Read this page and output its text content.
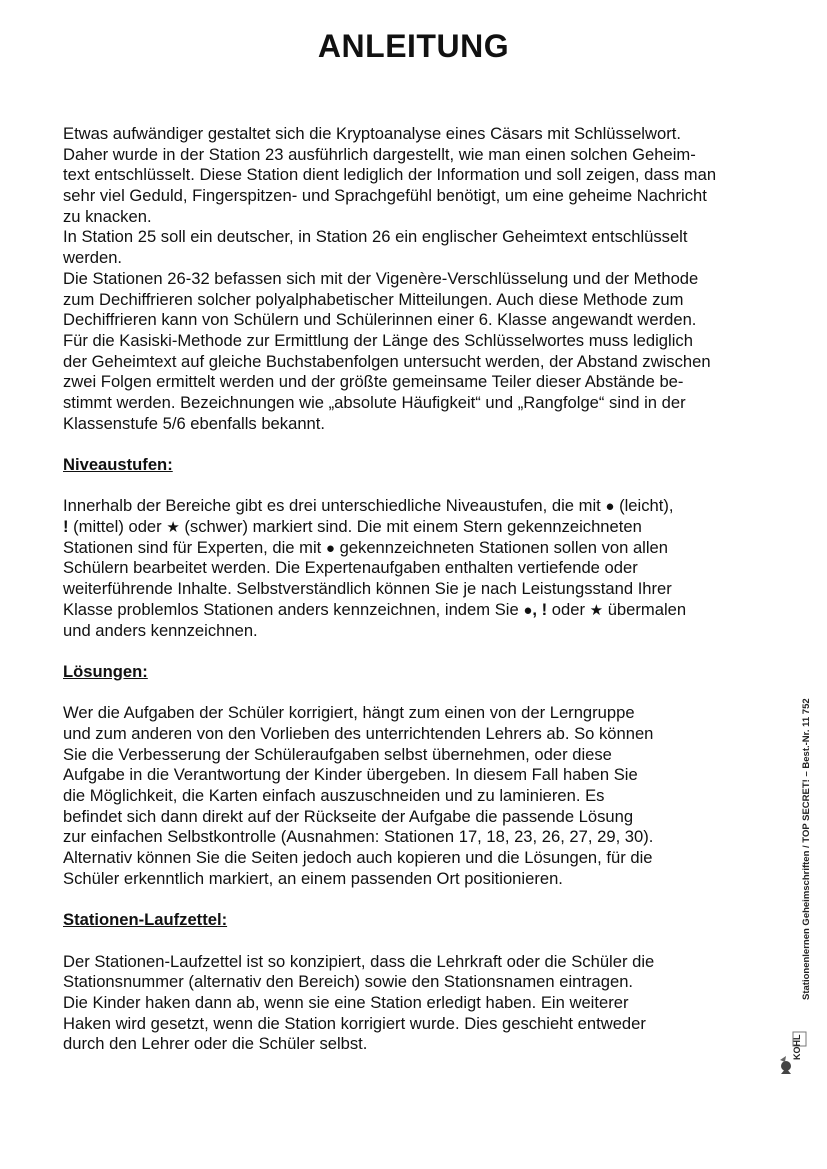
ANLEITUNG
Etwas aufwändiger gestaltet sich die Kryptoanalyse eines Cäsars mit Schlüsselwort.
Daher wurde in der Station 23 ausführlich dargestellt, wie man einen solchen Geheim-
text entschlüsselt. Diese Station dient lediglich der Information und soll zeigen, dass man
sehr viel Geduld, Fingerspitzen- und Sprachgefühl benötigt, um eine geheime Nachricht
zu knacken.
In Station 25 soll ein deutscher, in Station 26 ein englischer Geheimtext entschlüsselt
werden.
Die Stationen 26-32 befassen sich mit der Vigenère-Verschlüsselung und der Methode
zum Dechiffrieren solcher polyalphabetischer Mitteilungen. Auch diese Methode zum
Dechiffrieren kann von Schülern und Schülerinnen einer 6. Klasse angewandt werden.
Für die Kasiski-Methode zur Ermittlung der Länge des Schlüsselwortes muss lediglich
der Geheimtext auf gleiche Buchstabenfolgen untersucht werden, der Abstand zwischen
zwei Folgen ermittelt werden und der größte gemeinsame Teiler dieser Abstände be-
stimmt werden. Bezeichnungen wie „absolute Häufigkeit“ und „Rangfolge“ sind in der
Klassenstufe 5/6 ebenfalls bekannt.
Niveaustufen:
Innerhalb der Bereiche gibt es drei unterschiedliche Niveaustufen, die mit ● (leicht),
! (mittel) oder ★ (schwer) markiert sind. Die mit einem Stern gekennzeichneten
Stationen sind für Experten, die mit ● gekennzeichneten Stationen sollen von allen
Schülern bearbeitet werden. Die Expertenaufgaben enthalten vertiefende oder
weiterführende Inhalte. Selbstverständlich können Sie je nach Leistungsstand Ihrer
Klasse problemlos Stationen anders kennzeichnen, indem Sie ●, ! oder ★ übermalen
und anders kennzeichnen.
Lösungen:
Wer die Aufgaben der Schüler korrigiert, hängt zum einen von der Lerngruppe
und zum anderen von den Vorlieben des unterrichtenden Lehrers ab. So können
Sie die Verbesserung der Schüleraufgaben selbst übernehmen, oder diese
Aufgabe in die Verantwortung der Kinder übergeben. In diesem Fall haben Sie
die Möglichkeit, die Karten einfach auszuschneiden und zu laminieren. Es
befindet sich dann direkt auf der Rückseite der Aufgabe die passende Lösung
zur einfachen Selbstkontrolle (Ausnahmen: Stationen 17, 18, 23, 26, 27, 29, 30).
Alternativ können Sie die Seiten jedoch auch kopieren und die Lösungen, für die
Schüler erkenntlich markiert, an einem passenden Ort positionieren.
Stationen-Laufzettel:
Der Stationen-Laufzettel ist so konzipiert, dass die Lehrkraft oder die Schüler die
Stationsnummer (alternativ den Bereich) sowie den Stationsnamen eintragen.
Die Kinder haken dann ab, wenn sie eine Station erledigt haben. Ein weiterer
Haken wird gesetzt, wenn die Station korrigiert wurde. Dies geschieht entweder
durch den Lehrer oder die Schüler selbst.
Stationenlernen Geheimschriften / TOP SECRET! – Best.-Nr. 11 752
KOHL
